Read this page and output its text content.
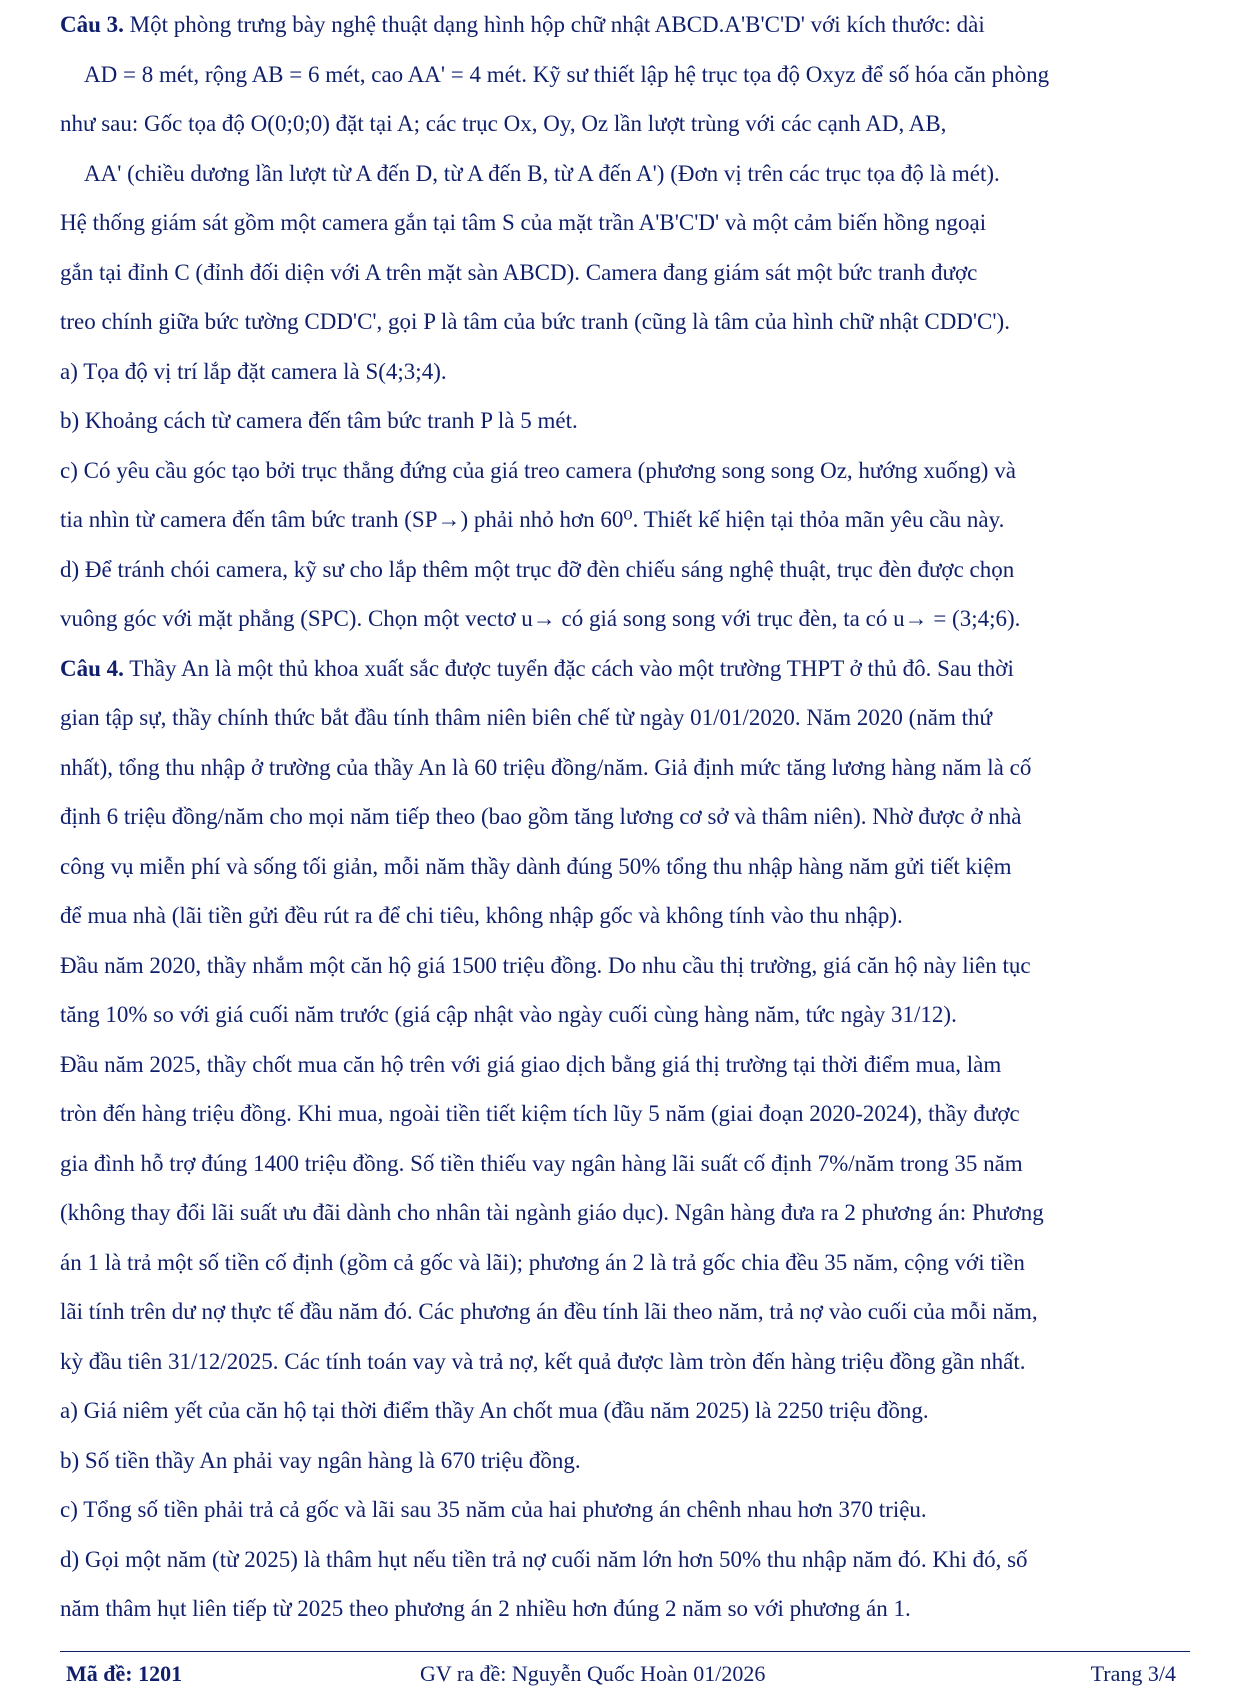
Câu 3. Một phòng trưng bày nghệ thuật dạng hình hộp chữ nhật ABCD.A'B'C'D' với kích thước: dài

AD = 8 mét, rộng AB = 6 mét, cao AA' = 4 mét. Kỹ sư thiết lập hệ trục tọa độ Oxyz để số hóa căn phòng

như sau: Gốc tọa độ O(0;0;0) đặt tại A; các trục Ox, Oy, Oz lần lượt trùng với các cạnh AD, AB,

AA' (chiều dương lần lượt từ A đến D, từ A đến B, từ A đến A') (Đơn vị trên các trục tọa độ là mét).

Hệ thống giám sát gồm một camera gắn tại tâm S của mặt trần A'B'C'D' và một cảm biến hồng ngoại

gắn tại đỉnh C (đỉnh đối diện với A trên mặt sàn ABCD). Camera đang giám sát một bức tranh được

treo chính giữa bức tường CDD'C', gọi P là tâm của bức tranh (cũng là tâm của hình chữ nhật CDD'C').

a) Tọa độ vị trí lắp đặt camera là S(4;3;4).

b) Khoảng cách từ camera đến tâm bức tranh P là 5 mét.

c) Có yêu cầu góc tạo bởi trục thẳng đứng của giá treo camera (phương song song Oz, hướng xuống) và

tia nhìn từ camera đến tâm bức tranh (SP→) phải nhỏ hơn 60⁰. Thiết kế hiện tại thỏa mãn yêu cầu này.

d) Để tránh chói camera, kỹ sư cho lắp thêm một trục đỡ đèn chiếu sáng nghệ thuật, trục đèn được chọn

vuông góc với mặt phẳng (SPC). Chọn một vectơ u→ có giá song song với trục đèn, ta có u→ = (3;4;6).

Câu 4. Thầy An là một thủ khoa xuất sắc được tuyển đặc cách vào một trường THPT ở thủ đô. Sau thời

gian tập sự, thầy chính thức bắt đầu tính thâm niên biên chế từ ngày 01/01/2020. Năm 2020 (năm thứ

nhất), tổng thu nhập ở trường của thầy An là 60 triệu đồng/năm. Giả định mức tăng lương hàng năm là cố

định 6 triệu đồng/năm cho mọi năm tiếp theo (bao gồm tăng lương cơ sở và thâm niên). Nhờ được ở nhà

công vụ miễn phí và sống tối giản, mỗi năm thầy dành đúng 50% tổng thu nhập hàng năm gửi tiết kiệm

để mua nhà (lãi tiền gửi đều rút ra để chi tiêu, không nhập gốc và không tính vào thu nhập).

Đầu năm 2020, thầy nhắm một căn hộ giá 1500 triệu đồng. Do nhu cầu thị trường, giá căn hộ này liên tục

tăng 10% so với giá cuối năm trước (giá cập nhật vào ngày cuối cùng hàng năm, tức ngày 31/12).

Đầu năm 2025, thầy chốt mua căn hộ trên với giá giao dịch bằng giá thị trường tại thời điểm mua, làm

tròn đến hàng triệu đồng. Khi mua, ngoài tiền tiết kiệm tích lũy 5 năm (giai đoạn 2020-2024), thầy được

gia đình hỗ trợ đúng 1400 triệu đồng. Số tiền thiếu vay ngân hàng lãi suất cố định 7%/năm trong 35 năm

(không thay đổi lãi suất ưu đãi dành cho nhân tài ngành giáo dục). Ngân hàng đưa ra 2 phương án: Phương

án 1 là trả một số tiền cố định (gồm cả gốc và lãi); phương án 2 là trả gốc chia đều 35 năm, cộng với tiền

lãi tính trên dư nợ thực tế đầu năm đó. Các phương án đều tính lãi theo năm, trả nợ vào cuối của mỗi năm,

kỳ đầu tiên 31/12/2025. Các tính toán vay và trả nợ, kết quả được làm tròn đến hàng triệu đồng gần nhất.

a) Giá niêm yết của căn hộ tại thời điểm thầy An chốt mua (đầu năm 2025) là 2250 triệu đồng.

b) Số tiền thầy An phải vay ngân hàng là 670 triệu đồng.

c) Tổng số tiền phải trả cả gốc và lãi sau 35 năm của hai phương án chênh nhau hơn 370 triệu.

d) Gọi một năm (từ 2025) là thâm hụt nếu tiền trả nợ cuối năm lớn hơn 50% thu nhập năm đó. Khi đó, số

năm thâm hụt liên tiếp từ 2025 theo phương án 2 nhiều hơn đúng 2 năm so với phương án 1.

Mã đề: 1201	GV ra đề: Nguyễn Quốc Hoàn 01/2026	Trang 3/4
